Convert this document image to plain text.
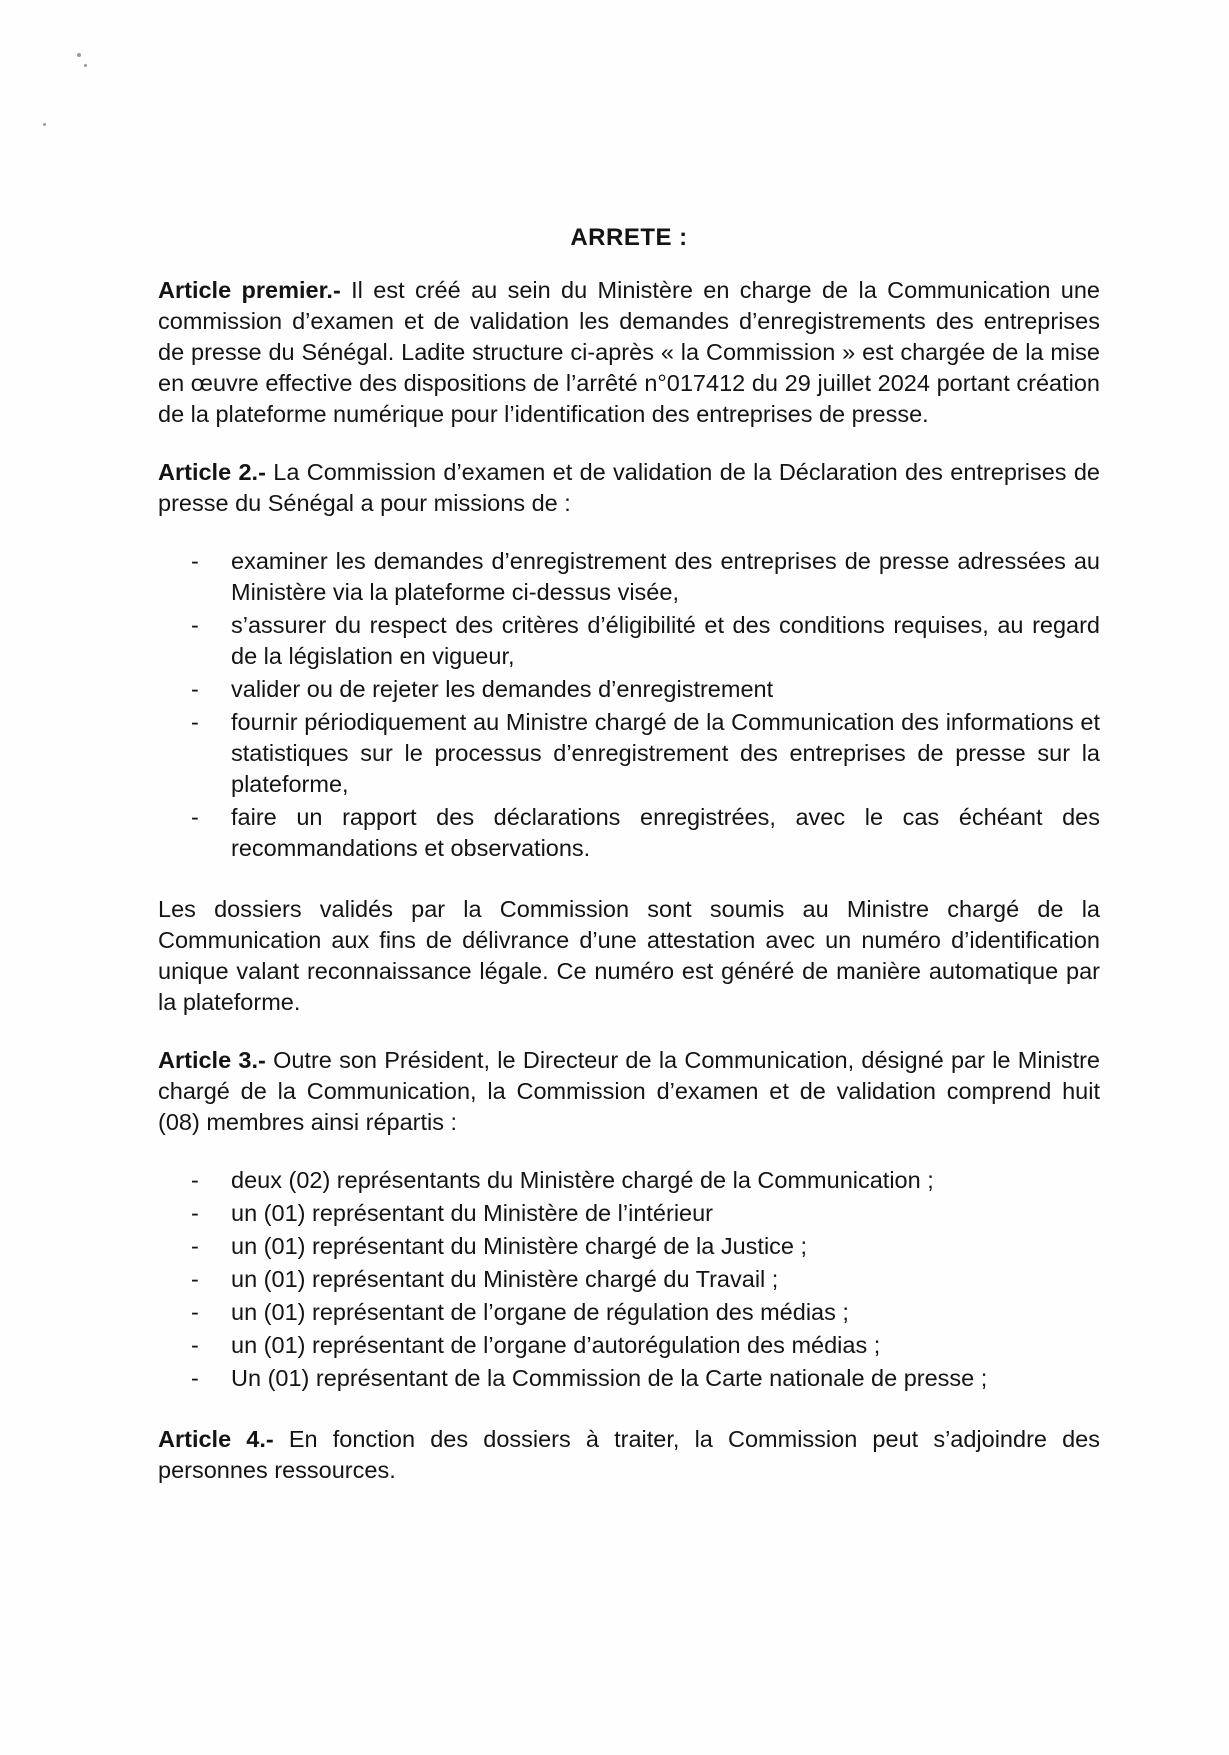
ARRETE :

Article premier.- Il est créé au sein du Ministère en charge de la Communication une commission d’examen et de validation les demandes d’enregistrements des entreprises de presse du Sénégal. Ladite structure ci-après « la Commission » est chargée de la mise en œuvre effective des dispositions de l’arrêté n°017412 du 29 juillet 2024 portant création de la plateforme numérique pour l’identification des entreprises de presse.

Article 2.- La Commission d’examen et de validation de la Déclaration des entreprises de presse du Sénégal a pour missions de :

- examiner les demandes d’enregistrement des entreprises de presse adressées au Ministère via la plateforme ci-dessus visée,
- s’assurer du respect des critères d’éligibilité et des conditions requises, au regard de la législation en vigueur,
- valider ou de rejeter les demandes d’enregistrement
- fournir périodiquement au Ministre chargé de la Communication des informations et statistiques sur le processus d’enregistrement des entreprises de presse sur la plateforme,
- faire un rapport des déclarations enregistrées, avec le cas échéant des recommandations et observations.

Les dossiers validés par la Commission sont soumis au Ministre chargé de la Communication aux fins de délivrance d’une attestation avec un numéro d’identification unique valant reconnaissance légale. Ce numéro est généré de manière automatique par la plateforme.

Article 3.- Outre son Président, le Directeur de la Communication, désigné par le Ministre chargé de la Communication, la Commission d’examen et de validation comprend huit (08) membres ainsi répartis :

- deux (02) représentants du Ministère chargé de la Communication ;
- un (01) représentant du Ministère de l’intérieur
- un (01) représentant du Ministère chargé de la Justice ;
- un (01) représentant du Ministère chargé du Travail ;
- un (01) représentant de l’organe de régulation des médias ;
- un (01) représentant de l’organe d’autorégulation des médias ;
- Un (01) représentant de la Commission de la Carte nationale de presse ;

Article 4.- En fonction des dossiers à traiter, la Commission peut s’adjoindre des personnes ressources.
